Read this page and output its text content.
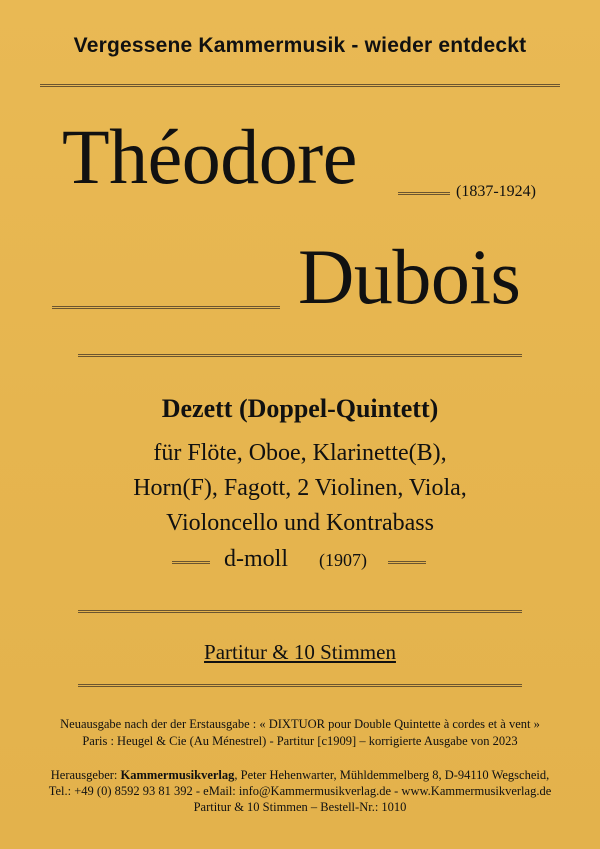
Vergessene Kammermusik - wieder entdeckt
Théodore	(1837-1924)
Dubois
Dezett (Doppel-Quintett)
für Flöte, Oboe, Klarinette(B),
Horn(F), Fagott, 2 Violinen, Viola,
Violoncello und Kontrabass
d-moll (1907)
Partitur & 10 Stimmen
Neuausgabe nach der der Erstausgabe : « DIXTUOR pour Double Quintette à cordes et à vent »
Paris : Heugel & Cie (Au Ménestrel) - Partitur [c1909] – korrigierte Ausgabe von 2023
Herausgeber: Kammermusikverlag, Peter Hehenwarter, Mühldemmelberg 8, D-94110 Wegscheid,
Tel.: +49 (0) 8592 93 81 392 - eMail: info@Kammermusikverlag.de - www.Kammermusikverlag.de
Partitur & 10 Stimmen – Bestell-Nr.: 1010
